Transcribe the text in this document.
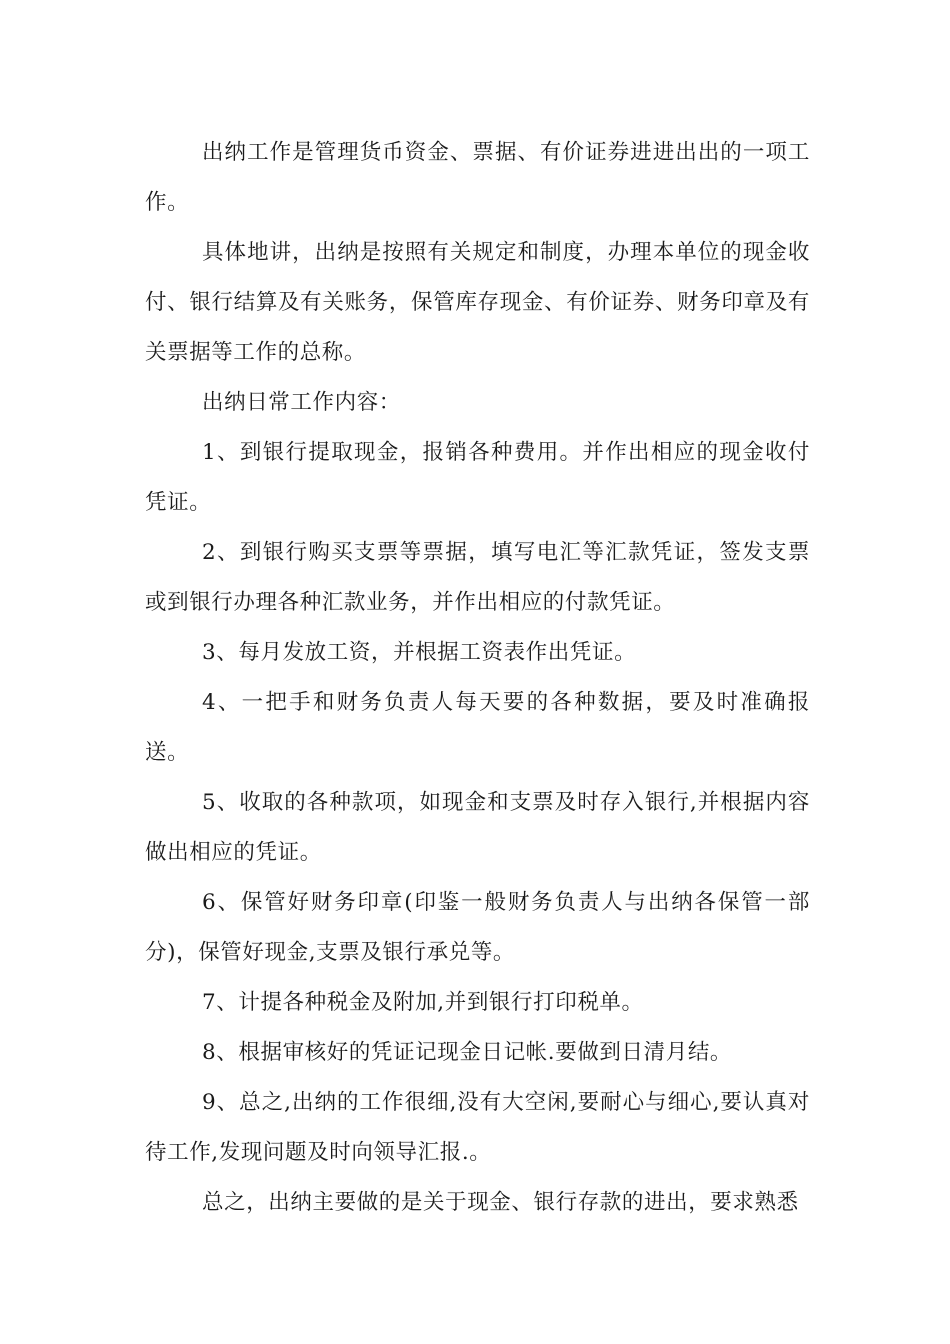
出纳工作是管理货币资金、票据、有价证券进进出出的一项工作。

具体地讲，出纳是按照有关规定和制度，办理本单位的现金收付、银行结算及有关账务，保管库存现金、有价证券、财务印章及有关票据等工作的总称。

出纳日常工作内容：

1、到银行提取现金，报销各种费用。并作出相应的现金收付凭证。

2、到银行购买支票等票据，填写电汇等汇款凭证，签发支票或到银行办理各种汇款业务，并作出相应的付款凭证。

3、每月发放工资，并根据工资表作出凭证。

4、一把手和财务负责人每天要的各种数据，要及时准确报送。

5、收取的各种款项，如现金和支票及时存入银行,并根据内容做出相应的凭证。

6、保管好财务印章(印鉴一般财务负责人与出纳各保管一部分)，保管好现金,支票及银行承兑等。

7、计提各种税金及附加,并到银行打印税单。

8、根据审核好的凭证记现金日记帐.要做到日清月结。

9、总之,出纳的工作很细,没有大空闲,要耐心与细心,要认真对待工作,发现问题及时向领导汇报.。

总之，出纳主要做的是关于现金、银行存款的进出，要求熟悉
